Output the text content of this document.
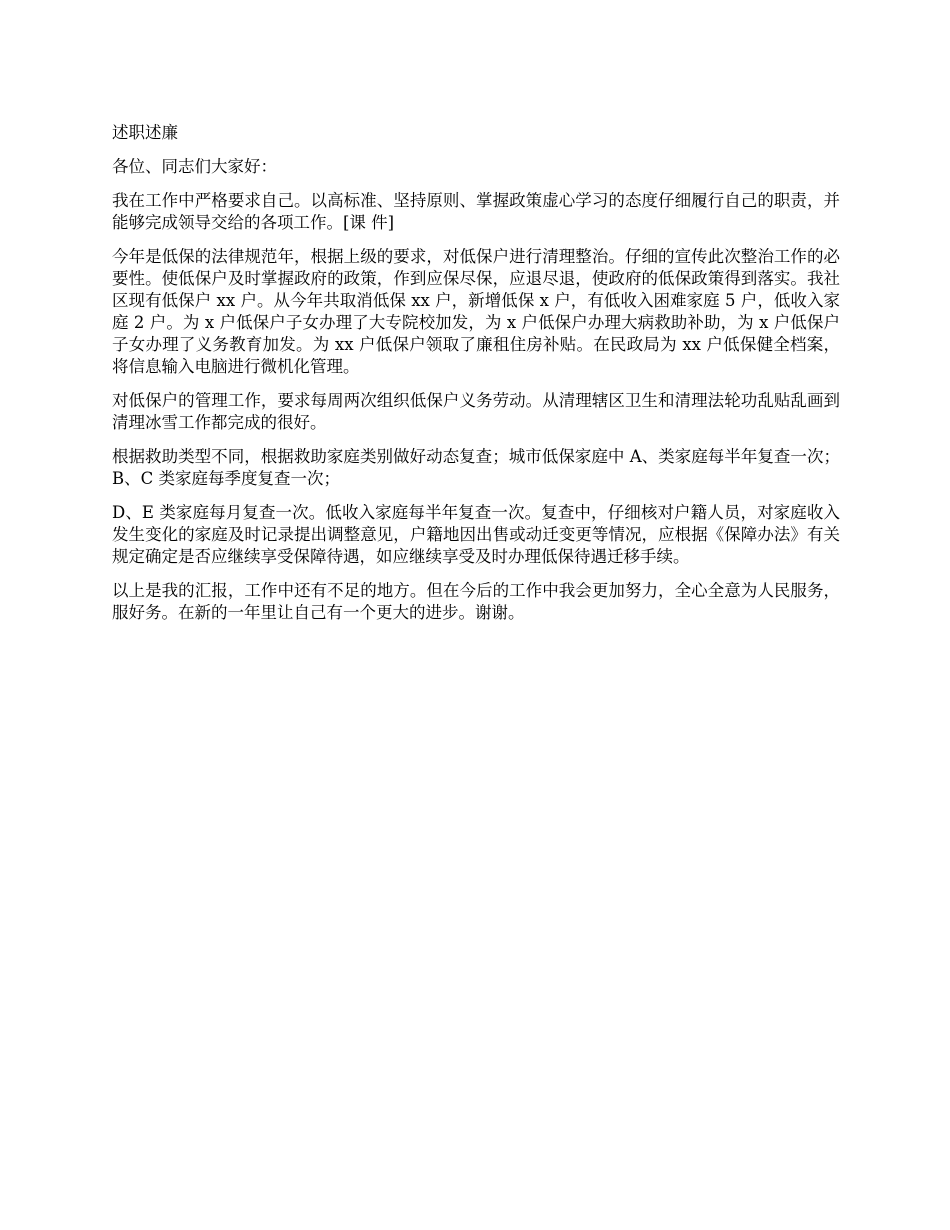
述职述廉

各位、同志们大家好：

我在工作中严格要求自己。以高标准、坚持原则、掌握政策虚心学习的态度仔细履行自己的职责，并能够完成领导交给的各项工作。[课 件]

今年是低保的法律规范年，根据上级的要求，对低保户进行清理整治。仔细的宣传此次整治工作的必要性。使低保户及时掌握政府的政策，作到应保尽保，应退尽退，使政府的低保政策得到落实。我社区现有低保户 xx 户。从今年共取消低保 xx 户，新增低保 x 户，有低收入困难家庭 5 户，低收入家庭 2 户。为 x 户低保户子女办理了大专院校加发，为 x 户低保户办理大病救助补助，为 x 户低保户子女办理了义务教育加发。为 xx 户低保户领取了廉租住房补贴。在民政局为 xx 户低保健全档案，将信息输入电脑进行微机化管理。

对低保户的管理工作，要求每周两次组织低保户义务劳动。从清理辖区卫生和清理法轮功乱贴乱画到清理冰雪工作都完成的很好。

根据救助类型不同，根据救助家庭类别做好动态复查；城市低保家庭中 A、类家庭每半年复查一次；B、C 类家庭每季度复查一次；

D、E 类家庭每月复查一次。低收入家庭每半年复查一次。复查中，仔细核对户籍人员，对家庭收入发生变化的家庭及时记录提出调整意见，户籍地因出售或动迁变更等情况，应根据《保障办法》有关规定确定是否应继续享受保障待遇，如应继续享受及时办理低保待遇迁移手续。

以上是我的汇报，工作中还有不足的地方。但在今后的工作中我会更加努力，全心全意为人民服务，服好务。在新的一年里让自己有一个更大的进步。谢谢。
